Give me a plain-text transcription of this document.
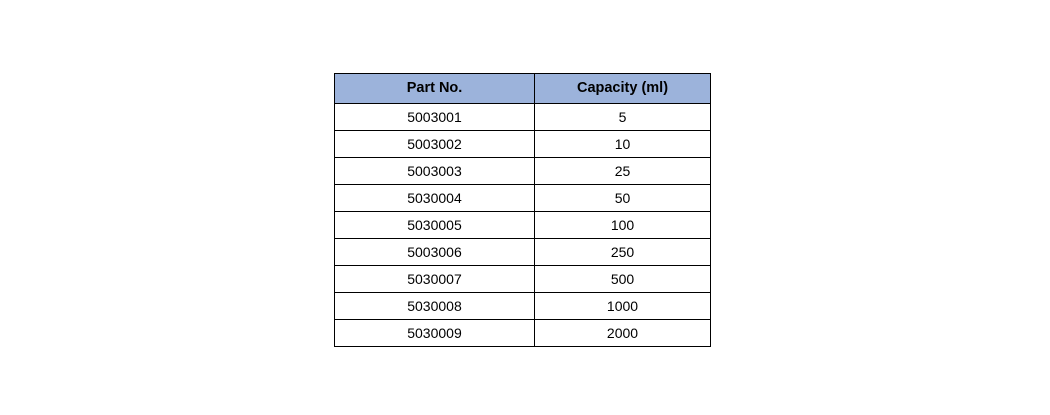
Part No.	Capacity (ml)
5003001	5
5003002	10
5003003	25
5030004	50
5030005	100
5003006	250
5030007	500
5030008	1000
5030009	2000
